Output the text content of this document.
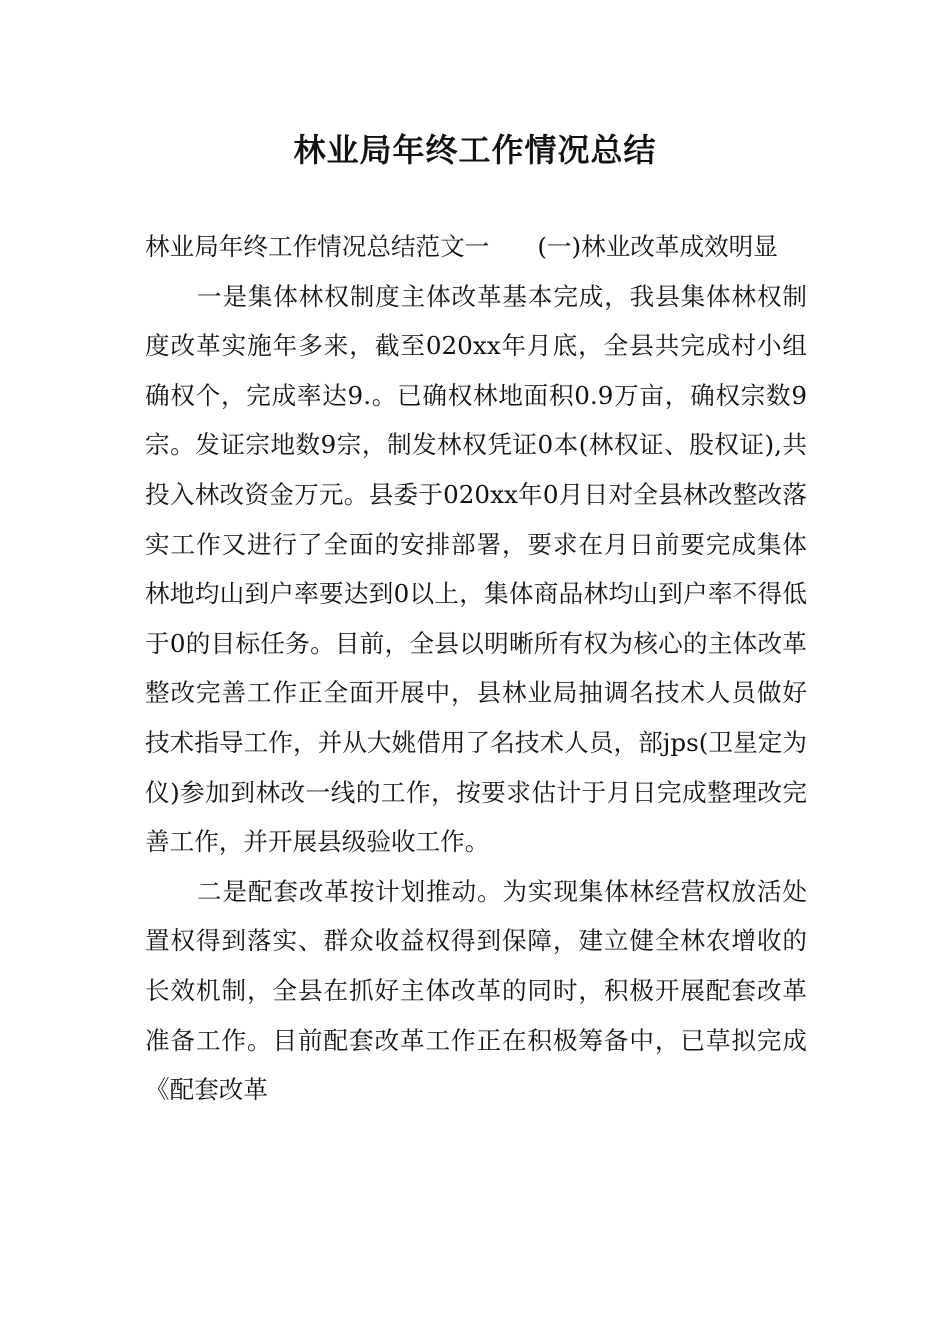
林业局年终工作情况总结

林业局年终工作情况总结范文一 (一)林业改革成效明显

一是集体林权制度主体改革基本完成，我县集体林权制度改革实施年多来，截至020xx年月底，全县共完成村小组确权个，完成率达9.。已确权林地面积0.9万亩，确权宗数9宗。发证宗地数9宗，制发林权凭证0本(林权证、股权证),共投入林改资金万元。县委于020xx年0月日对全县林改整改落实工作又进行了全面的安排部署，要求在月日前要完成集体林地均山到户率要达到0以上，集体商品林均山到户率不得低于0的目标任务。目前，全县以明晰所有权为核心的主体改革整改完善工作正全面开展中，县林业局抽调名技术人员做好技术指导工作，并从大姚借用了名技术人员，部jps(卫星定为仪)参加到林改一线的工作，按要求估计于月日完成整理改完善工作，并开展县级验收工作。

二是配套改革按计划推动。为实现集体林经营权放活处置权得到落实、群众收益权得到保障，建立健全林农增收的长效机制，全县在抓好主体改革的同时，积极开展配套改革准备工作。目前配套改革工作正在积极筹备中，已草拟完成《配套改革
